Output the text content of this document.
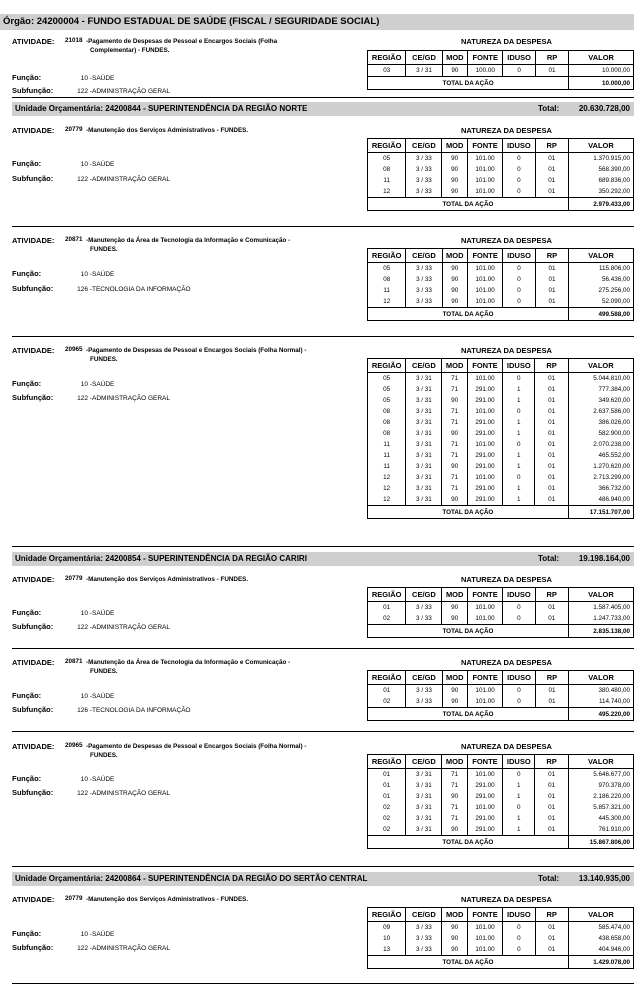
Órgão: 24200004 - FUNDO ESTADUAL DE SAÚDE (FISCAL / SEGURIDADE SOCIAL)
ATIVIDADE: 21018 -Pagamento de Despesas de Pessoal e Encargos Sociais (Folha
Complementar) - FUNDES.
Função:	10 -SAÚDE
Subfunção:	122 -ADMINISTRAÇÃO GERAL
NATUREZA DA DESPESA
REGIÃO	CE/GD	MOD	FONTE	IDUSO	RP	VALOR
03	3 / 31	90	100.00	0	01	10.000,00
TOTAL DA AÇÃO						10.000,00
Unidade Orçamentária: 24200844 - SUPERINTENDÊNCIA DA REGIÃO NORTE	Total: 20.630.728,00
ATIVIDADE: 20779 -Manutenção dos Serviços Administrativos - FUNDES.
Função:	10 -SAÚDE
Subfunção:	122 -ADMINISTRAÇÃO GERAL
NATUREZA DA DESPESA
REGIÃO	CE/GD	MOD	FONTE	IDUSO	RP	VALOR
05	3 / 33	90	101.00	0	01	1.370.915,00
08	3 / 33	90	101.00	0	01	568.390,00
11	3 / 33	90	101.00	0	01	689.836,00
12	3 / 33	90	101.00	0	01	350.292,00
TOTAL DA AÇÃO						2.979.433,00
ATIVIDADE: 20871 -Manutenção da Área de Tecnologia da Informação e Comunicação -
FUNDES.
Função:	10 -SAÚDE
Subfunção:	126 -TECNOLOGIA DA INFORMAÇÃO
NATUREZA DA DESPESA
REGIÃO	CE/GD	MOD	FONTE	IDUSO	RP	VALOR
05	3 / 33	90	101.00	0	01	115.806,00
08	3 / 33	90	101.00	0	01	56.436,00
11	3 / 33	90	101.00	0	01	275.256,00
12	3 / 33	90	101.00	0	01	52.090,00
TOTAL DA AÇÃO						499.588,00
ATIVIDADE: 20965 -Pagamento de Despesas de Pessoal e Encargos Sociais (Folha Normal) -
FUNDES.
Função:	10 -SAÚDE
Subfunção:	122 -ADMINISTRAÇÃO GERAL
NATUREZA DA DESPESA
REGIÃO	CE/GD	MOD	FONTE	IDUSO	RP	VALOR
05	3 / 31	71	101.00	0	01	5.044.810,00
05	3 / 31	71	291.00	1	01	777.384,00
05	3 / 31	90	291.00	1	01	349.620,00
08	3 / 31	71	101.00	0	01	2.637.586,00
08	3 / 31	71	291.00	1	01	386.026,00
08	3 / 31	90	291.00	1	01	582.900,00
11	3 / 31	71	101.00	0	01	2.070.238,00
11	3 / 31	71	291.00	1	01	465.552,00
11	3 / 31	90	291.00	1	01	1.270.620,00
12	3 / 31	71	101.00	0	01	2.713.299,00
12	3 / 31	71	291.00	1	01	366.732,00
12	3 / 31	90	291.00	1	01	486.940,00
TOTAL DA AÇÃO						17.151.707,00
Unidade Orçamentária: 24200854 - SUPERINTENDÊNCIA DA REGIÃO CARIRI	Total: 19.198.164,00
ATIVIDADE: 20779 -Manutenção dos Serviços Administrativos - FUNDES.
Função:	10 -SAÚDE
Subfunção:	122 -ADMINISTRAÇÃO GERAL
NATUREZA DA DESPESA
REGIÃO	CE/GD	MOD	FONTE	IDUSO	RP	VALOR
01	3 / 33	90	101.00	0	01	1.587.405,00
02	3 / 33	90	101.00	0	01	1.247.733,00
TOTAL DA AÇÃO						2.835.138,00
ATIVIDADE: 20871 -Manutenção da Área de Tecnologia da Informação e Comunicação -
FUNDES.
Função:	10 -SAÚDE
Subfunção:	126 -TECNOLOGIA DA INFORMAÇÃO
NATUREZA DA DESPESA
REGIÃO	CE/GD	MOD	FONTE	IDUSO	RP	VALOR
01	3 / 33	90	101.00	0	01	380.480,00
02	3 / 33	90	101.00	0	01	114.740,00
TOTAL DA AÇÃO						495.220,00
ATIVIDADE: 20965 -Pagamento de Despesas de Pessoal e Encargos Sociais (Folha Normal) -
FUNDES.
Função:	10 -SAÚDE
Subfunção:	122 -ADMINISTRAÇÃO GERAL
NATUREZA DA DESPESA
REGIÃO	CE/GD	MOD	FONTE	IDUSO	RP	VALOR
01	3 / 31	71	101.00	0	01	5.646.677,00
01	3 / 31	71	291.00	1	01	970.378,00
01	3 / 31	90	291.00	1	01	2.186.220,00
02	3 / 31	71	101.00	0	01	5.857.321,00
02	3 / 31	71	291.00	1	01	445.300,00
02	3 / 31	90	291.00	1	01	761.910,00
TOTAL DA AÇÃO						15.867.806,00
Unidade Orçamentária: 24200864 - SUPERINTENDÊNCIA DA REGIÃO DO SERTÃO CENTRAL	Total: 13.140.935,00
ATIVIDADE: 20779 -Manutenção dos Serviços Administrativos - FUNDES.
Função:	10 -SAÚDE
Subfunção:	122 -ADMINISTRAÇÃO GERAL
NATUREZA DA DESPESA
REGIÃO	CE/GD	MOD	FONTE	IDUSO	RP	VALOR
09	3 / 33	90	101.00	0	01	585.474,00
10	3 / 33	90	101.00	0	01	438.658,00
13	3 / 33	90	101.00	0	01	404.946,00
TOTAL DA AÇÃO						1.429.078,00
